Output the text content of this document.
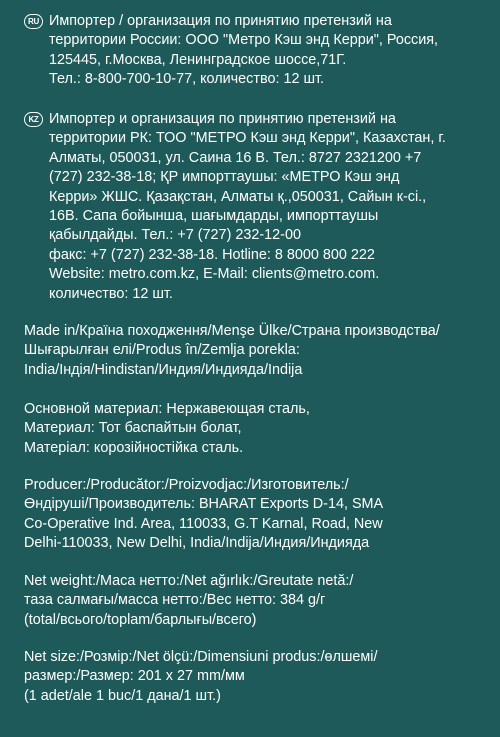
RU Импортер / организация по принятию претензий на
территории России: ООО "Метро Кэш энд Керри", Россия,
125445, г.Москва, Ленинградское шоссе,71Г.
Тел.: 8-800-700-10-77, количество: 12 шт.
KZ Импортер и организация по принятию претензий на
территории РК: ТОО "МЕТРО Кэш энд Керри", Казахстан, г.
Алматы, 050031, ул. Саина 16 В. Тел.: 8727 2321200 +7
(727) 232-38-18; ҚР импорттаушы: «МЕТРО Кэш энд
Керри» ЖШС. Қазақстан, Алматы қ.,050031, Сайын к-сі.,
16В. Сапа бойынша, шағымдарды, импорттаушы
қабылдайды. Тел.: +7 (727) 232-12-00
факс: +7 (727) 232-38-18. Hotline: 8 8000 800 222
Website: metro.com.kz, E-Mail: clients@metro.com.
количество: 12 шт.
Made in/Країна походження/Menşe Ülke/Страна производства/
Шығарылған елі/Produs în/Zemlja porekla:
India/Індія/Hindistan/Индия/Индияда/Indija
Основной материал: Нержавеющая сталь,
Материал: Тот баспайтын болат,
Матеріал: корозійностійка сталь.
Producer:/Producător:/Proizvodjac:/Изготовитель:/
Өндіруші/Производитель: BHARAT Exports D-14, SMA
Co-Operative Ind. Area, 110033, G.T Karnal, Road, New
Delhi-110033, New Delhi, India/Indija/Индия/Индияда
Net weight:/Маса нетто:/Net ağırlık:/Greutate netă:/
таза салмағы/масса нетто:/Вес нетто: 384 g/г
(total/всього/toplam/барлығы/всего)
Net size:/Розмір:/Net ölçü:/Dimensiuni produs:/өлшемі/
размер:/Размер: 201 x 27 mm/мм
(1 adet/ale 1 buc/1 дана/1 шт.)
